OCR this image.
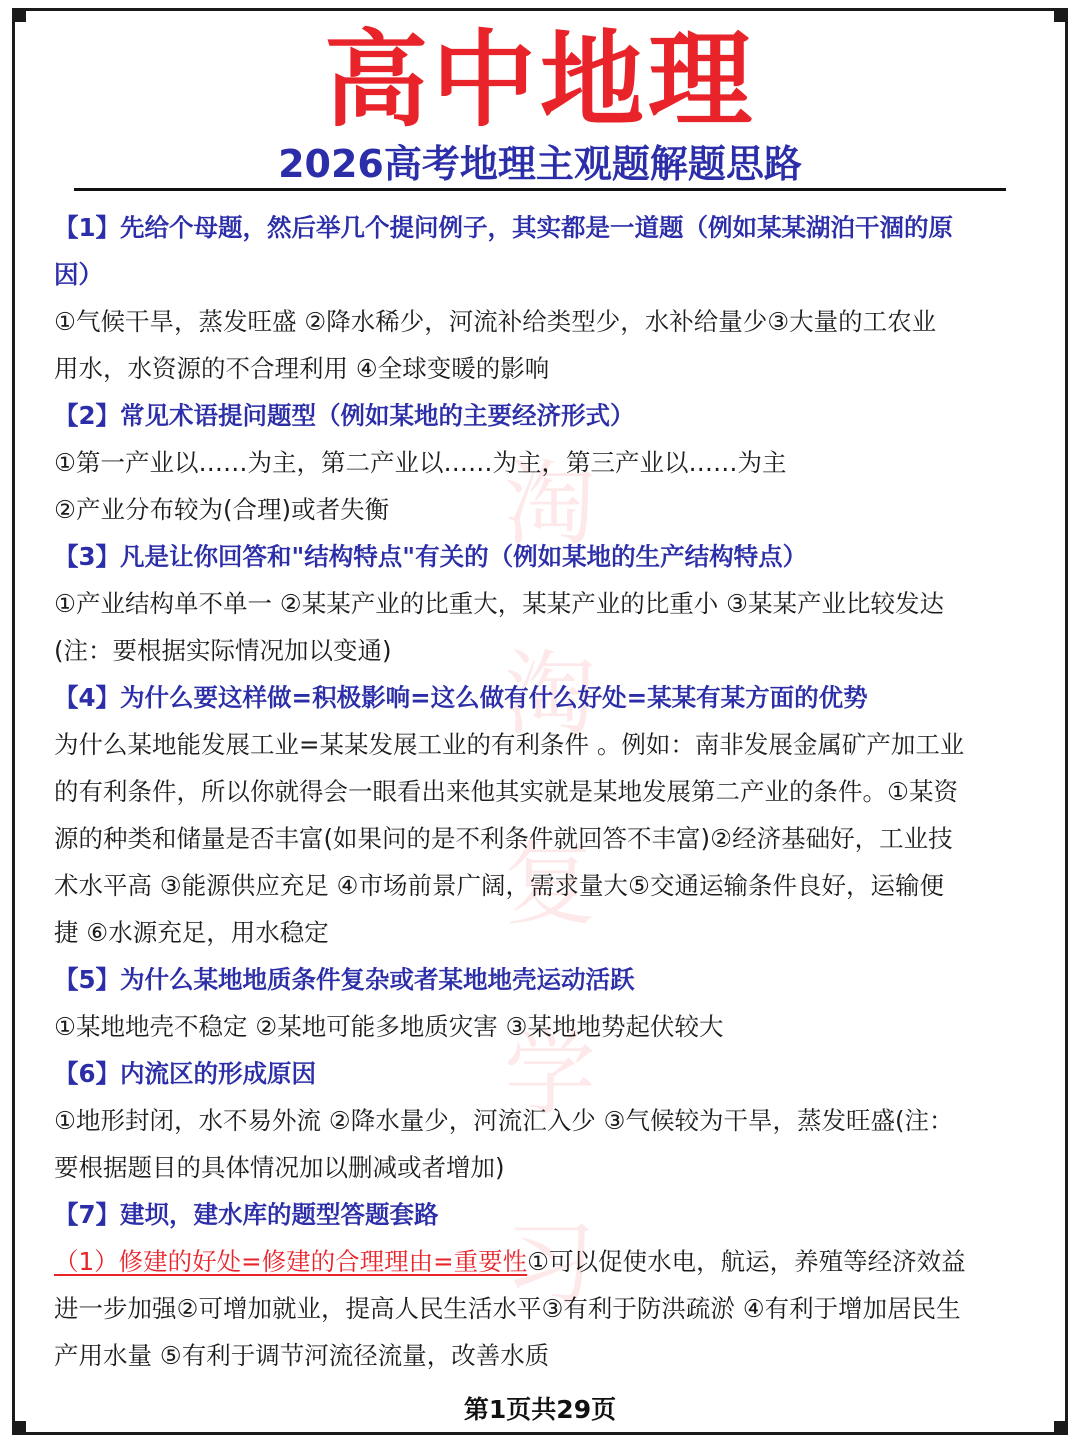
高中地理
2026高考地理主观题解题思路
淘
淘
复
学
习
【1】先给个母题，然后举几个提问例子，其实都是一道题（例如某某湖泊干涸的原
因）
①气候干旱，蒸发旺盛 ②降水稀少，河流补给类型少，水补给量少③大量的工农业
用水，水资源的不合理利用 ④全球变暖的影响
【2】常见术语提问题型（例如某地的主要经济形式）
①第一产业以……为主，第二产业以……为主，第三产业以……为主
②产业分布较为(合理)或者失衡
【3】凡是让你回答和"结构特点"有关的（例如某地的生产结构特点）
①产业结构单不单一 ②某某产业的比重大，某某产业的比重小 ③某某产业比较发达
(注：要根据实际情况加以变通)
【4】为什么要这样做=积极影响=这么做有什么好处=某某有某方面的优势
为什么某地能发展工业=某某发展工业的有利条件 。例如：南非发展金属矿产加工业
的有利条件，所以你就得会一眼看出来他其实就是某地发展第二产业的条件。①某资
源的种类和储量是否丰富(如果问的是不利条件就回答不丰富)②经济基础好，工业技
术水平高 ③能源供应充足 ④市场前景广阔，需求量大⑤交通运输条件良好，运输便
捷 ⑥水源充足，用水稳定
【5】为什么某地地质条件复杂或者某地地壳运动活跃
①某地地壳不稳定 ②某地可能多地质灾害 ③某地地势起伏较大
【6】内流区的形成原因
①地形封闭，水不易外流 ②降水量少，河流汇入少 ③气候较为干旱，蒸发旺盛(注：
要根据题目的具体情况加以删减或者增加)
【7】建坝，建水库的题型答题套路
（1）修建的好处=修建的合理理由=重要性①可以促使水电，航运，养殖等经济效益
进一步加强②可增加就业，提高人民生活水平③有利于防洪疏淤 ④有利于增加居民生
产用水量 ⑤有利于调节河流径流量，改善水质
第1页共29页
